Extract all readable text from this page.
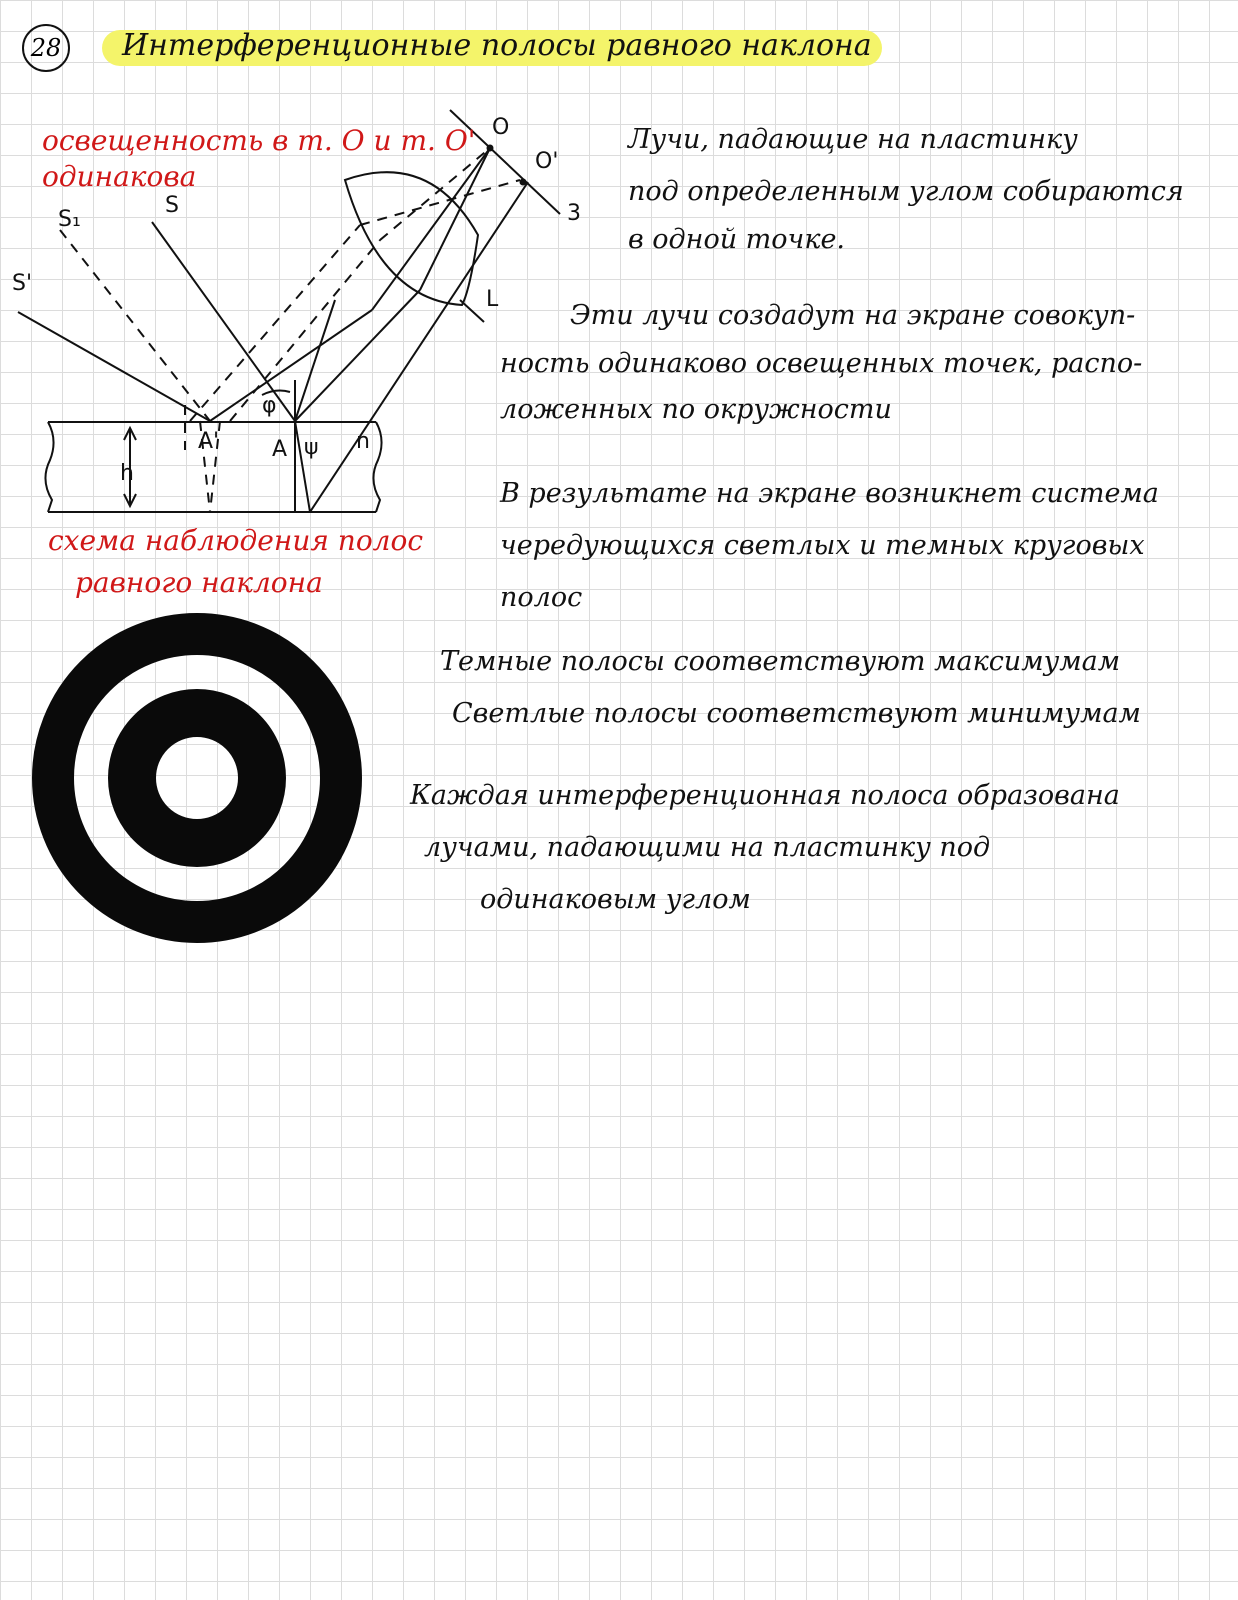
28 Интерференционные полосы равного наклона
O
O'
3
S₁
S
S'
L
A' A ψ
φ
n
h
освещенность в т. O и т. O'
одинакова
схема наблюдения полос
равного наклона
Лучи, падающие на пластинку
под определенным углом собираются
в одной точке.
Эти лучи создадут на экране совокуп-
ность одинаково освещенных точек, распо-
ложенных по окружности
В результате на экране возникнет система
чередующихся светлых и темных круговых
полос
Темные полосы соответствуют максимумам
Светлые полосы соответствуют минимумам
Каждая интерференционная полоса образована
лучами, падающими на пластинку под
одинаковым углом
